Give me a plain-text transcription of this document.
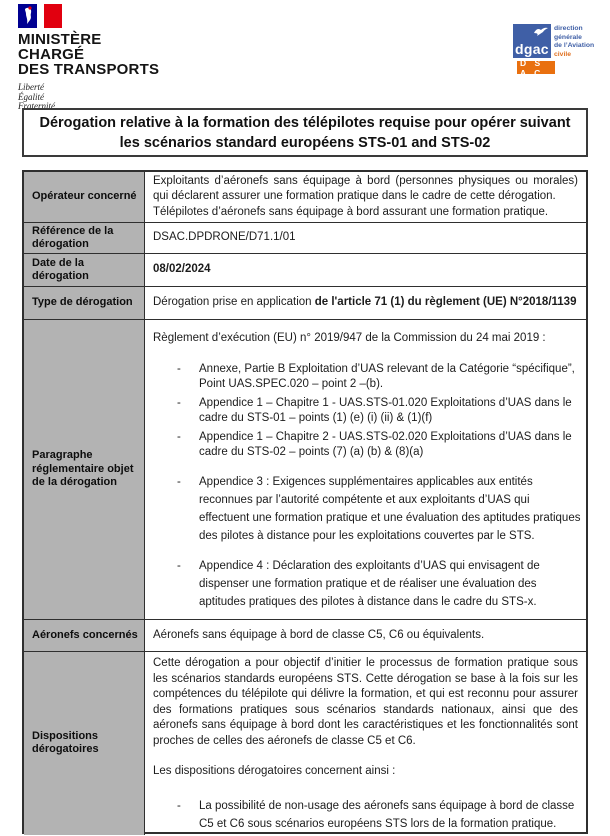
MINISTÈRE
CHARGÉ
DES TRANSPORTS
Liberté
Égalité
Fraternité
dgac
direction
générale
de l’Aviation
civile
D S A C
Dérogation relative à la formation des télépilotes requise pour opérer suivant les scénarios standard européens STS-01 and STS-02
Opérateur concerné
Exploitants d’aéronefs sans équipage à bord (personnes physiques ou morales) qui déclarent assurer une formation pratique dans le cadre de cette dérogation.
Télépilotes d’aéronefs sans équipage à bord assurant une formation pratique.
Référence de la dérogation
DSAC.DPDRONE/D71.1/01
Date de la dérogation
08/02/2024
Type de dérogation	Dérogation prise en application de l'article 71 (1) du règlement (UE) N°2018/1139
Paragraphe réglementaire objet de la dérogation
Règlement d’exécution (EU) n° 2019/947 de la Commission du 24 mai 2019 :
-
Annexe, Partie B Exploitation d’UAS relevant de la Catégorie “spécifique”, Point UAS.SPEC.020 – point 2 –(b).
-
Appendice 1 – Chapitre 1 - UAS.STS-01.020 Exploitations d’UAS dans le cadre du STS-01 – points (1) (e) (i) (ii) & (1)(f)
-
Appendice 1 – Chapitre 2 - UAS.STS-02.020 Exploitations d’UAS dans le cadre du STS-02 – points (7) (a) (b) & (8)(a)
-
Appendice 3 : Exigences supplémentaires applicables aux entités reconnues par l’autorité compétente et aux exploitants d’UAS qui effectuent une formation pratique et une évaluation des aptitudes pratiques des pilotes à distance pour les exploitations couvertes par le STS.
-
Appendice 4 : Déclaration des exploitants d’UAS qui envisagent de dispenser une formation pratique et de réaliser une évaluation des aptitudes pratiques des pilotes à distance dans le cadre du STS-x.
Aéronefs concernés	Aéronefs sans équipage à bord de classe C5, C6 ou équivalents.
Dispositions dérogatoires
Cette dérogation a pour objectif d’initier le processus de formation pratique sous les scénarios standards européens STS. Cette dérogation se base à la fois sur les compétences du télépilote qui délivre la formation, et qui est reconnu pour assurer des formations pratiques sous scénarios standards nationaux, ainsi que des aéronefs sans équipage à bord dont les caractéristiques et les fonctionnalités sont proches de celles des aéronefs de classe C5 et C6.
Les dispositions dérogatoires concernent ainsi :
-
La possibilité de non-usage des aéronefs sans équipage à bord de classe C5 et C6 sous scénarios européens STS lors de la formation pratique.
